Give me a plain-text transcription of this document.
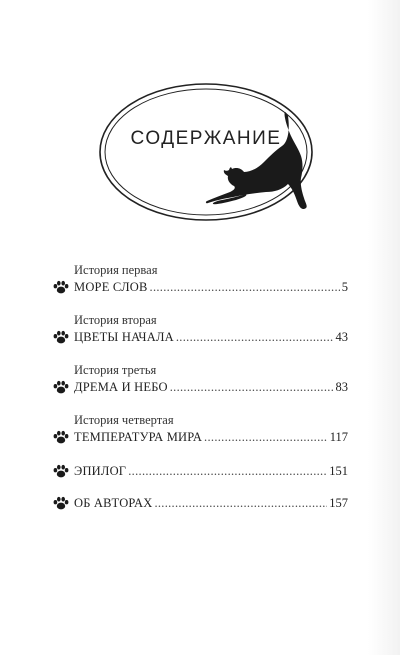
СОДЕРЖАНИЕ
История первая
МОРЕ СЛОВ .....	5
История вторая
ЦВЕТЫ НАЧАЛА .....	43
История третья
ДРЕМА И НЕБО .....	83
История четвертая
ТЕМПЕРАТУРА МИРА .....	117
ЭПИЛОГ .....	151
ОБ АВТОРАХ .....	157
